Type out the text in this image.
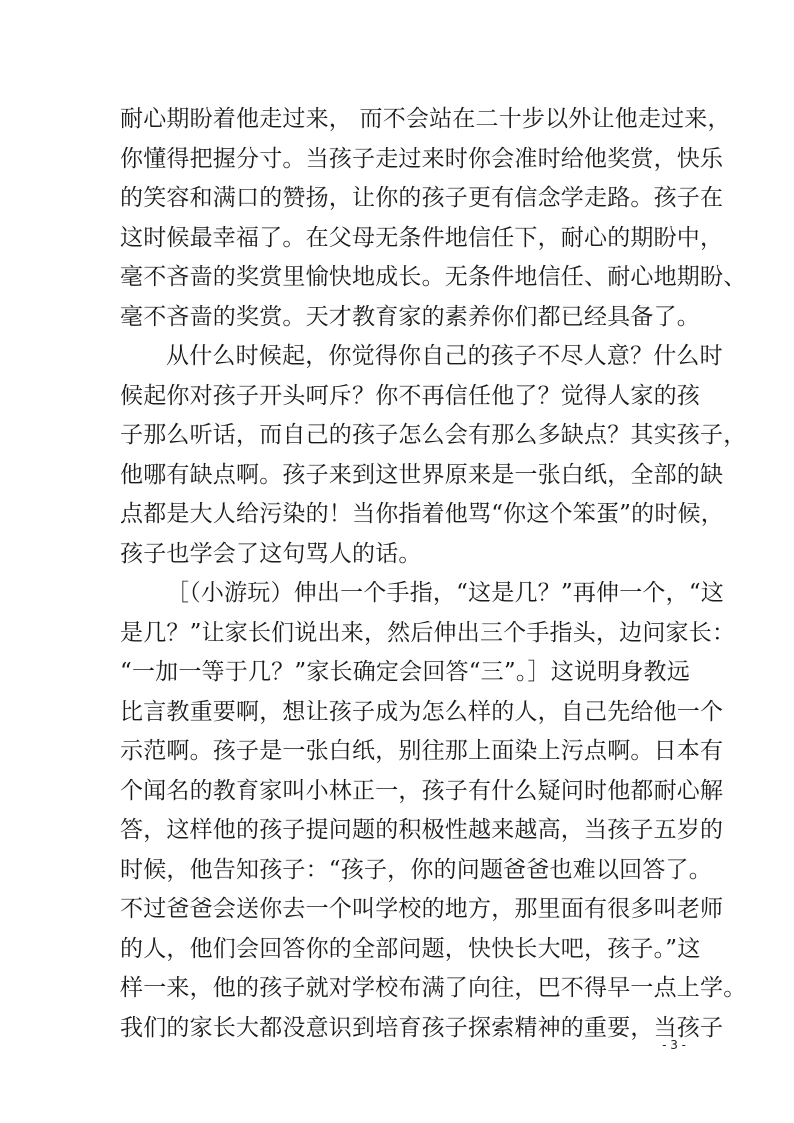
耐心期盼着他走过来， 而不会站在二十步以外让他走过来，
你懂得把握分寸。当孩子走过来时你会准时给他奖赏，快乐
的笑容和满口的赞扬，让你的孩子更有信念学走路。孩子在
这时候最幸福了。在父母无条件地信任下，耐心的期盼中，
毫不吝啬的奖赏里愉快地成长。无条件地信任、耐心地期盼、
毫不吝啬的奖赏。天才教育家的素养你们都已经具备了。
从什么时候起，你觉得你自己的孩子不尽人意？什么时
候起你对孩子开头呵斥？你不再信任他了？觉得人家的孩
子那么听话，而自己的孩子怎么会有那么多缺点？其实孩子，
他哪有缺点啊。孩子来到这世界原来是一张白纸，全部的缺
点都是大人给污染的！当你指着他骂“你这个笨蛋”的时候，
孩子也学会了这句骂人的话。
［（小游玩）伸出一个手指，“这是几？”再伸一个，“这
是几？”让家长们说出来，然后伸出三个手指头，边问家长：
“一加一等于几？”家长确定会回答“三”。］这说明身教远
比言教重要啊，想让孩子成为怎么样的人，自己先给他一个
示范啊。孩子是一张白纸，别往那上面染上污点啊。日本有
个闻名的教育家叫小林正一，孩子有什么疑问时他都耐心解
答，这样他的孩子提问题的积极性越来越高，当孩子五岁的
时候，他告知孩子：“孩子，你的问题爸爸也难以回答了。
不过爸爸会送你去一个叫学校的地方，那里面有很多叫老师
的人，他们会回答你的全部问题，快快长大吧，孩子。”这
样一来，他的孩子就对学校布满了向往，巴不得早一点上学。
我们的家长大都没意识到培育孩子探索精神的重要，当孩子
- 3 -
